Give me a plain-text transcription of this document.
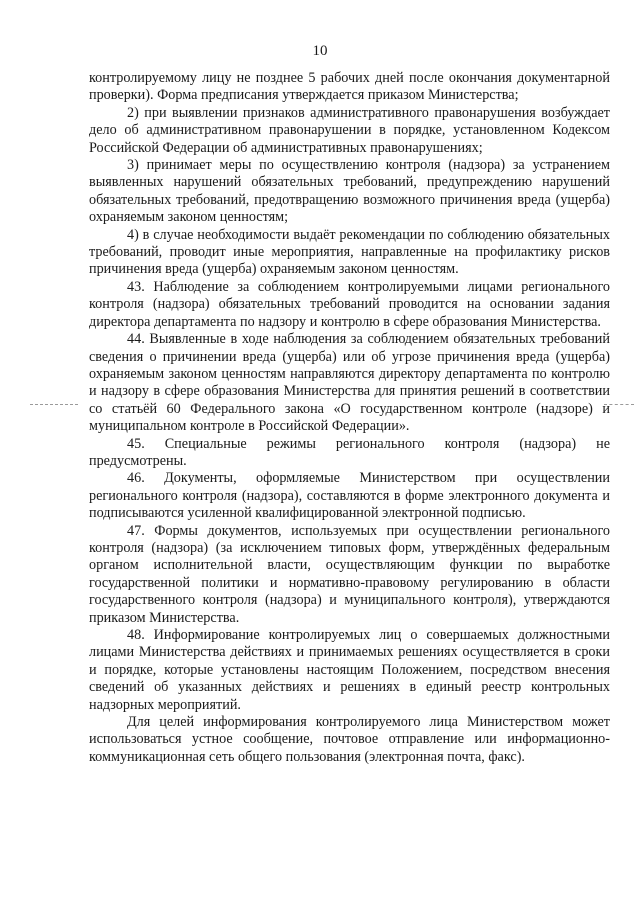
10

контролируемому лицу не позднее 5 рабочих дней после окончания документарной проверки). Форма предписания утверждается приказом Министерства;

2) при выявлении признаков административного правонарушения возбуждает дело об административном правонарушении в порядке, установленном Кодексом Российской Федерации об административных правонарушениях;

3) принимает меры по осуществлению контроля (надзора) за устранением выявленных нарушений обязательных требований, предупреждению нарушений обязательных требований, предотвращению возможного причинения вреда (ущерба) охраняемым законом ценностям;

4) в случае необходимости выдаёт рекомендации по соблюдению обязательных требований, проводит иные мероприятия, направленные на профилактику рисков причинения вреда (ущерба) охраняемым законом ценностям.

43. Наблюдение за соблюдением контролируемыми лицами регионального контроля (надзора) обязательных требований проводится на основании задания директора департамента по надзору и контролю в сфере образования Министерства.

44. Выявленные в ходе наблюдения за соблюдением обязательных требований сведения о причинении вреда (ущерба) или об угрозе причинения вреда (ущерба) охраняемым законом ценностям направляются директору департамента по контролю и надзору в сфере образования Министерства для принятия решений в соответствии со статьёй 60 Федерального закона «О государственном контроле (надзоре) и муниципальном контроле в Российской Федерации».

45. Специальные режимы регионального контроля (надзора) не предусмотрены.

46. Документы, оформляемые Министерством при осуществлении регионального контроля (надзора), составляются в форме электронного документа и подписываются усиленной квалифицированной электронной подписью.

47. Формы документов, используемых при осуществлении регионального контроля (надзора) (за исключением типовых форм, утверждённых федеральным органом исполнительной власти, осуществляющим функции по выработке государственной политики и нормативно-правовому регулированию в области государственного контроля (надзора) и муниципального контроля), утверждаются приказом Министерства.

48. Информирование контролируемых лиц о совершаемых должностными лицами Министерства действиях и принимаемых решениях осуществляется в сроки и порядке, которые установлены настоящим Положением, посредством внесения сведений об указанных действиях и решениях в единый реестр контрольных надзорных мероприятий.

Для целей информирования контролируемого лица Министерством может использоваться устное сообщение, почтовое отправление или информационно-коммуникационная сеть общего пользования (электронная почта, факс).
